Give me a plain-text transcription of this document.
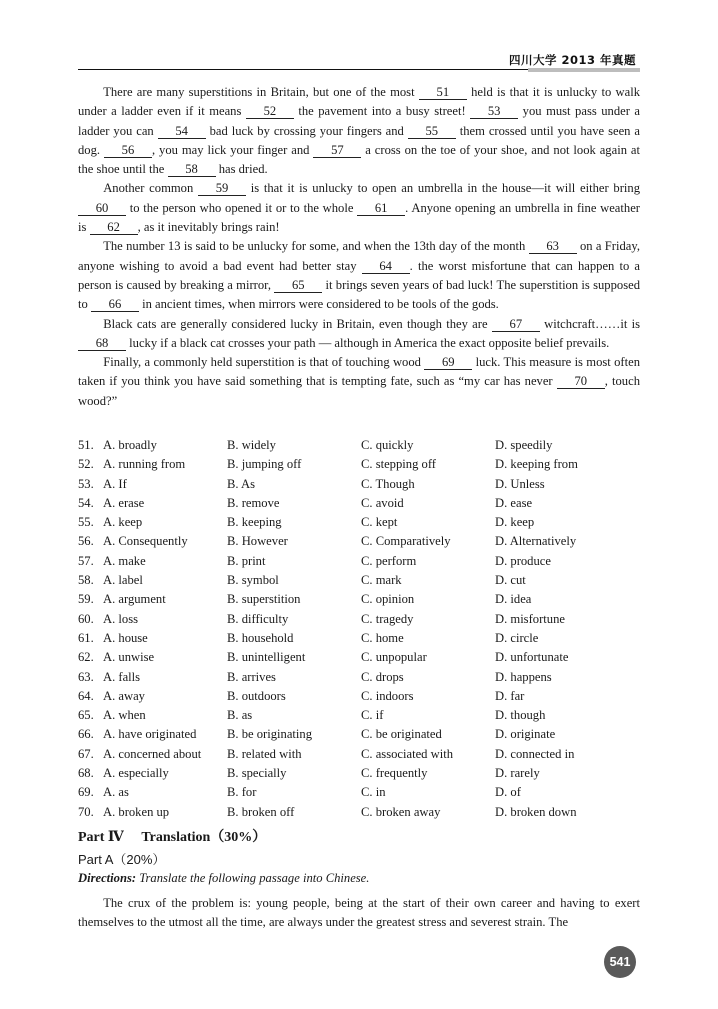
四川大学 2013 年真题

There are many superstitions in Britain, but one of the most 51 held is that it is unlucky to walk under a ladder even if it means 52 the pavement into a busy street! 53 you must pass under a ladder you can 54 bad luck by crossing your fingers and 55 them crossed until you have seen a dog. 56 , you may lick your finger and 57 a cross on the toe of your shoe, and not look again at the shoe until the 58 has dried.

Another common 59 is that it is unlucky to open an umbrella in the house—it will either bring 60 to the person who opened it or to the whole 61 . Anyone opening an umbrella in fine weather is 62 , as it inevitably brings rain!

The number 13 is said to be unlucky for some, and when the 13th day of the month 63 on a Friday, anyone wishing to avoid a bad event had better stay 64 . the worst misfortune that can happen to a person is caused by breaking a mirror, 65 it brings seven years of bad luck! The superstition is supposed to 66 in ancient times, when mirrors were considered to be tools of the gods.

Black cats are generally considered lucky in Britain, even though they are 67 witchcraft……it is 68 lucky if a black cat crosses your path — although in America the exact opposite belief prevails.

Finally, a commonly held superstition is that of touching wood 69 luck. This measure is most often taken if you think you have said something that is tempting fate, such as “my car has never 70 , touch wood?”

51. A. broadly	B. widely	C. quickly	D. speedily
52. A. running from	B. jumping off	C. stepping off	D. keeping from
53. A. If	B. As	C. Though	D. Unless
54. A. erase	B. remove	C. avoid	D. ease
55. A. keep	B. keeping	C. kept	D. keep
56. A. Consequently	B. However	C. Comparatively	D. Alternatively
57. A. make	B. print	C. perform	D. produce
58. A. label	B. symbol	C. mark	D. cut
59. A. argument	B. superstition	C. opinion	D. idea
60. A. loss	B. difficulty	C. tragedy	D. misfortune
61. A. house	B. household	C. home	D. circle
62. A. unwise	B. unintelligent	C. unpopular	D. unfortunate
63. A. falls	B. arrives	C. drops	D. happens
64. A. away	B. outdoors	C. indoors	D. far
65. A. when	B. as	C. if	D. though
66. A. have originated	B. be originating	C. be originated	D. originate
67. A. concerned about	B. related with	C. associated with	D. connected in
68. A. especially	B. specially	C. frequently	D. rarely
69. A. as	B. for	C. in	D. of
70. A. broken up	B. broken off	C. broken away	D. broken down
Part Ⅳ Translation（30%）
Part A（20%）
Directions: Translate the following passage into Chinese.

The crux of the problem is: young people, being at the start of their own career and having to exert themselves to the utmost all the time, are always under the greatest stress and severest strain. The

541
